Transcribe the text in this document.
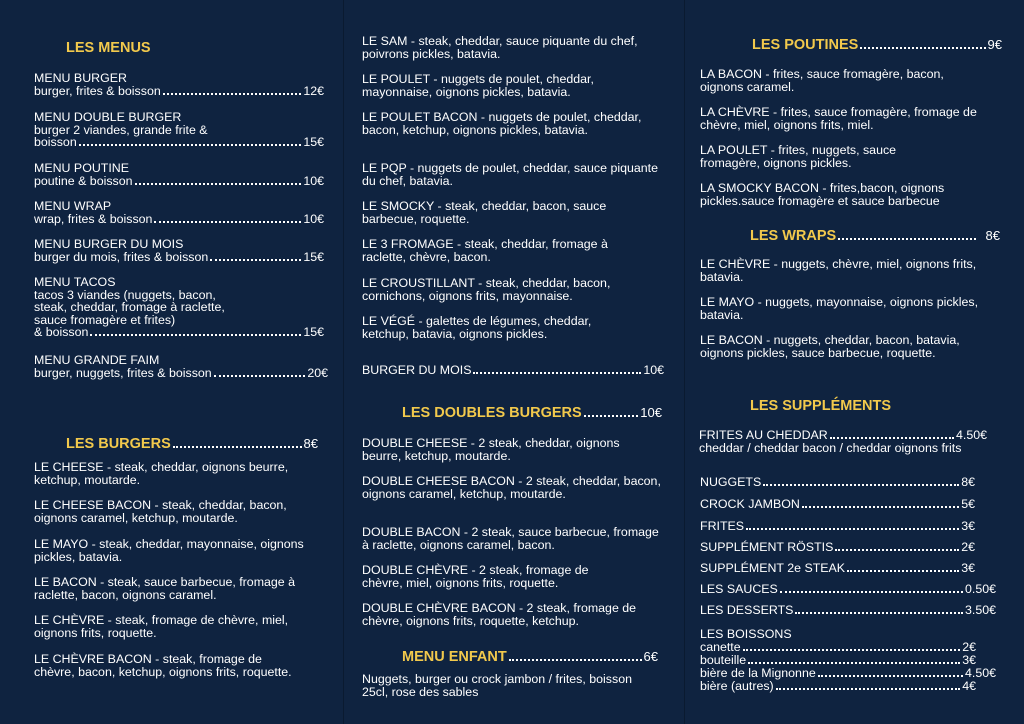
LES MENUS
MENU BURGER
burger, frites & boisson	12€
MENU DOUBLE BURGER
burger 2 viandes, grande frite &
boisson	15€
MENU POUTINE
poutine & boisson	10€
MENU WRAP
wrap, frites & boisson	10€
MENU BURGER DU MOIS
burger du mois, frites & boisson	15€
MENU TACOS
tacos 3 viandes (nuggets, bacon,
steak, cheddar, fromage à raclette,
sauce fromagère et frites)
& boisson	15€
MENU GRANDE FAIM
burger, nuggets, frites & boisson	20€
LES BURGERS	8€
LE CHEESE - steak, cheddar, oignons beurre, ketchup, moutarde.
LE CHEESE BACON - steak, cheddar, bacon, oignons caramel, ketchup, moutarde.
LE MAYO - steak, cheddar, mayonnaise, oignons pickles, batavia.
LE BACON - steak, sauce barbecue, fromage à raclette, bacon, oignons caramel.
LE CHÈVRE - steak, fromage de chèvre, miel, oignons frits, roquette.
LE CHÈVRE BACON - steak, fromage de chèvre, bacon, ketchup, oignons frits, roquette.
LE SAM - steak, cheddar, sauce piquante du chef, poivrons pickles, batavia.
LE POULET - nuggets de poulet, cheddar, mayonnaise, oignons pickles, batavia.
LE POULET BACON - nuggets de poulet, cheddar, bacon, ketchup, oignons pickles, batavia.
LE PQP - nuggets de poulet, cheddar, sauce piquante du chef, batavia.
LE SMOCKY - steak, cheddar, bacon, sauce barbecue, roquette.
LE 3 FROMAGE - steak, cheddar, fromage à raclette, chèvre, bacon.
LE CROUSTILLANT - steak, cheddar, bacon, cornichons, oignons frits, mayonnaise.
LE VÉGÉ - galettes de légumes, cheddar, ketchup, batavia, oignons pickles.
BURGER DU MOIS	10€
LES DOUBLES BURGERS	10€
DOUBLE CHEESE - 2 steak, cheddar, oignons beurre, ketchup, moutarde.
DOUBLE CHEESE BACON - 2 steak, cheddar, bacon, oignons caramel, ketchup, moutarde.
DOUBLE BACON - 2 steak, sauce barbecue, fromage à raclette, oignons caramel, bacon.
DOUBLE CHÈVRE - 2 steak, fromage de chèvre, miel, oignons frits, roquette.
DOUBLE CHÈVRE BACON - 2 steak, fromage de chèvre, oignons frits, roquette, ketchup.
MENU ENFANT	6€
Nuggets, burger ou crock jambon / frites, boisson 25cl, rose des sables
LES POUTINES	9€
LA BACON - frites, sauce fromagère, bacon, oignons caramel.
LA CHÈVRE - frites, sauce fromagère, fromage de chèvre, miel, oignons frits, miel.
LA POULET - frites, nuggets, sauce fromagère, oignons pickles.
LA SMOCKY BACON - frites,bacon, oignons pickles.sauce fromagère et sauce barbecue
LES WRAPS	8€
LE CHÈVRE - nuggets, chèvre, miel, oignons frits, batavia.
LE MAYO - nuggets, mayonnaise, oignons pickles, batavia.
LE BACON - nuggets, cheddar, bacon, batavia, oignons pickles, sauce barbecue, roquette.
LES SUPPLÉMENTS
FRITES AU CHEDDAR	4.50€
cheddar / cheddar bacon / cheddar oignons frits
NUGGETS	8€
CROCK JAMBON	5€
FRITES	3€
SUPPLÉMENT RÖSTIS	2€
SUPPLÉMENT 2e STEAK	3€
LES SAUCES	0.50€
LES DESSERTS	3.50€
LES BOISSONS
canette	2€
bouteille	3€
bière de la Mignonne	4.50€
bière (autres)	4€
